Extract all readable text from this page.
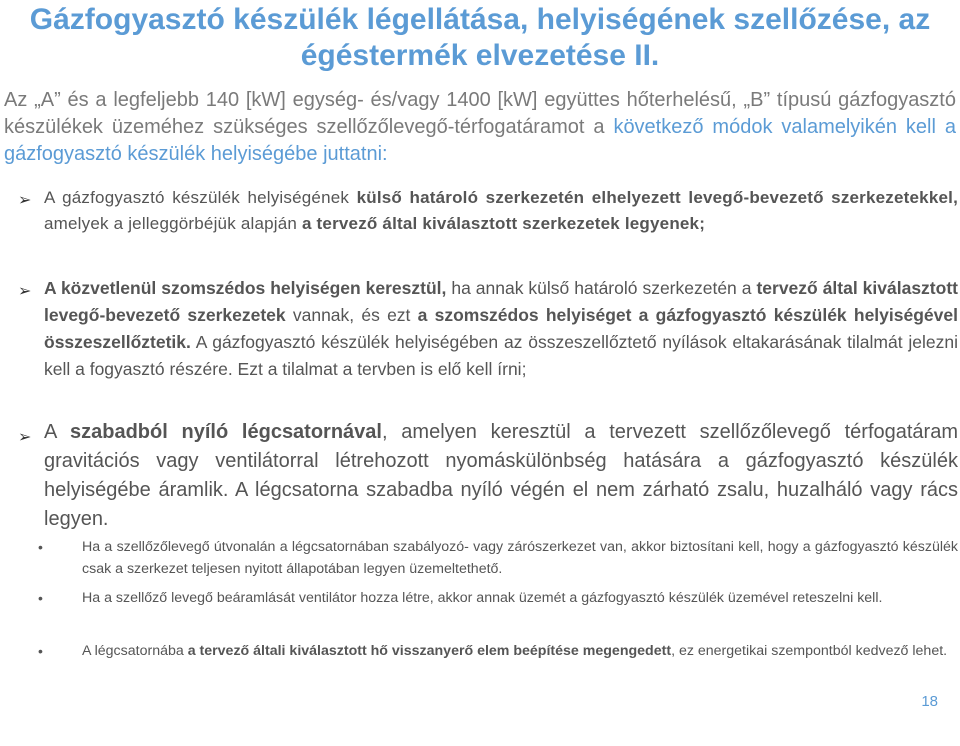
Gázfogyasztó készülék légellátása, helyiségének szellőzése, az égéstermék elvezetése II.
Az „A” és a legfeljebb 140 [kW] egység- és/vagy 1400 [kW] együttes hőterhelésű, „B” típusú gázfogyasztó készülékek üzeméhez szükséges szellőzőlevegő-térfogatáramot a következő módok valamelyikén kell a gázfogyasztó készülék helyiségébe juttatni:
➢ A gázfogyasztó készülék helyiségének külső határoló szerkezetén elhelyezett levegő-bevezető szerkezetekkel, amelyek a jelleggörbéjük alapján a tervező által kiválasztott szerkezetek legyenek;
➢ A közvetlenül szomszédos helyiségen keresztül, ha annak külső határoló szerkezetén a tervező által kiválasztott levegő-bevezető szerkezetek vannak, és ezt a szomszédos helyiséget a gázfogyasztó készülék helyiségével összeszellőztetik. A gázfogyasztó készülék helyiségében az összeszellőztető nyílások eltakarásának tilalmát jelezni kell a fogyasztó részére. Ezt a tilalmat a tervben is elő kell írni;
➢ A szabadból nyíló légcsatornával, amelyen keresztül a tervezett szellőzőlevegő térfogatáram gravitációs vagy ventilátorral létrehozott nyomáskülönbség hatására a gázfogyasztó készülék helyiségébe áramlik. A légcsatorna szabadba nyíló végén el nem zárható zsalu, huzalháló vagy rács legyen.
•	Ha a szellőzőlevegő útvonalán a légcsatornában szabályozó- vagy zárószerkezet van, akkor biztosítani kell, hogy a gázfogyasztó készülék csak a szerkezet teljesen nyitott állapotában legyen üzemeltethető.
•	Ha a szellőző levegő beáramlását ventilátor hozza létre, akkor annak üzemét a gázfogyasztó készülék üzemével reteszelni kell.
•	A légcsatornába a tervező általi kiválasztott hő visszanyerő elem beépítése megengedett, ez energetikai szempontból kedvező lehet.
18
